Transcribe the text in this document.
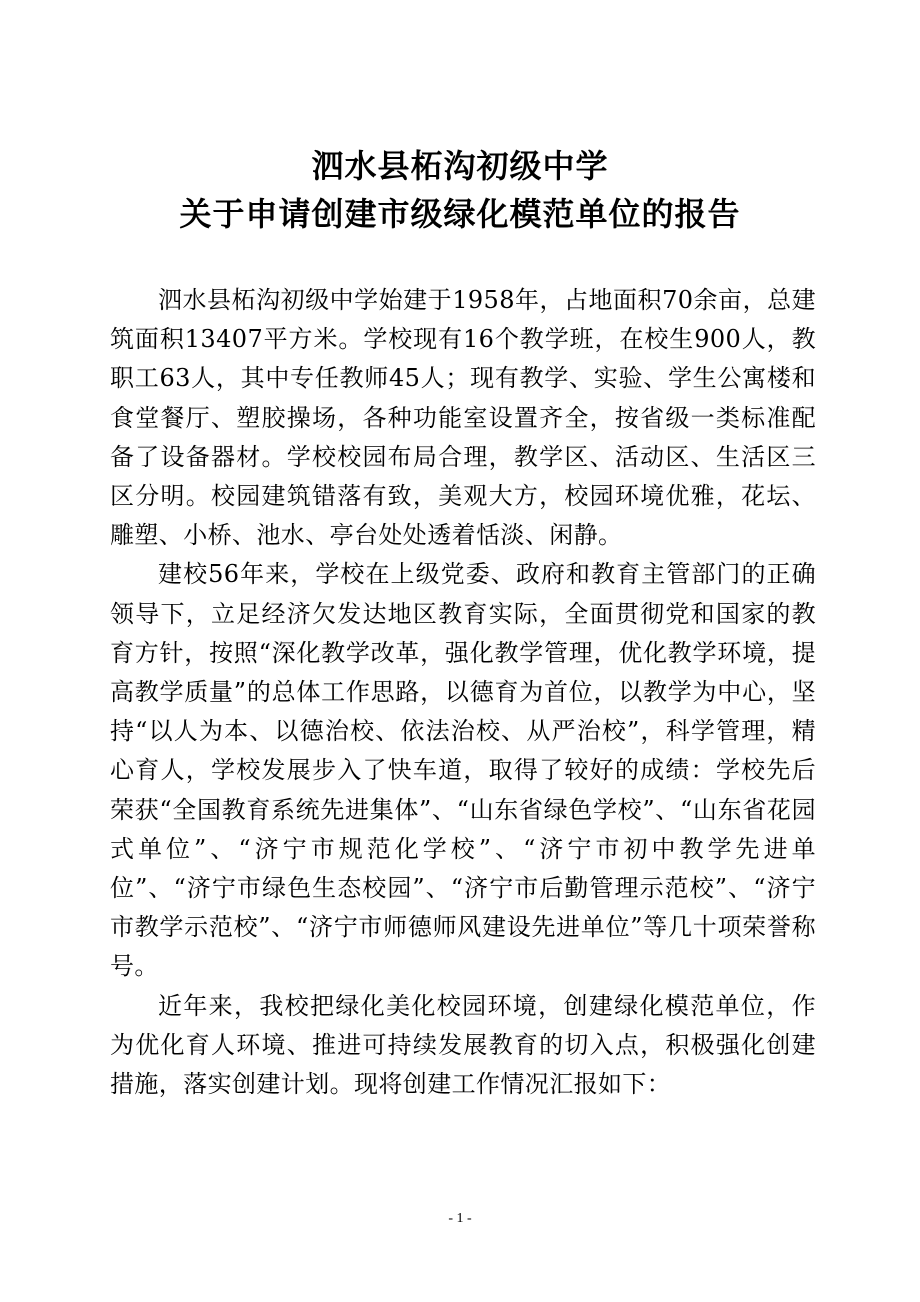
泗水县柘沟初级中学
关于申请创建市级绿化模范单位的报告

泗水县柘沟初级中学始建于1958年，占地面积70余亩，总建筑面积13407平方米。学校现有16个教学班，在校生900人，教职工63人，其中专任教师45人；现有教学、实验、学生公寓楼和食堂餐厅、塑胶操场，各种功能室设置齐全，按省级一类标准配备了设备器材。学校校园布局合理，教学区、活动区、生活区三区分明。校园建筑错落有致，美观大方，校园环境优雅，花坛、雕塑、小桥、池水、亭台处处透着恬淡、闲静。

建校56年来，学校在上级党委、政府和教育主管部门的正确领导下，立足经济欠发达地区教育实际，全面贯彻党和国家的教育方针，按照“深化教学改革，强化教学管理，优化教学环境，提高教学质量”的总体工作思路，以德育为首位，以教学为中心，坚持“以人为本、以德治校、依法治校、从严治校”，科学管理，精心育人，学校发展步入了快车道，取得了较好的成绩：学校先后荣获“全国教育系统先进集体”、“山东省绿色学校”、“山东省花园式单位”、“济宁市规范化学校”、“济宁市初中教学先进单位”、“济宁市绿色生态校园”、“济宁市后勤管理示范校”、“济宁市教学示范校”、“济宁市师德师风建设先进单位”等几十项荣誉称号。

近年来，我校把绿化美化校园环境，创建绿化模范单位，作为优化育人环境、推进可持续发展教育的切入点，积极强化创建措施，落实创建计划。现将创建工作情况汇报如下：

- 1 -
